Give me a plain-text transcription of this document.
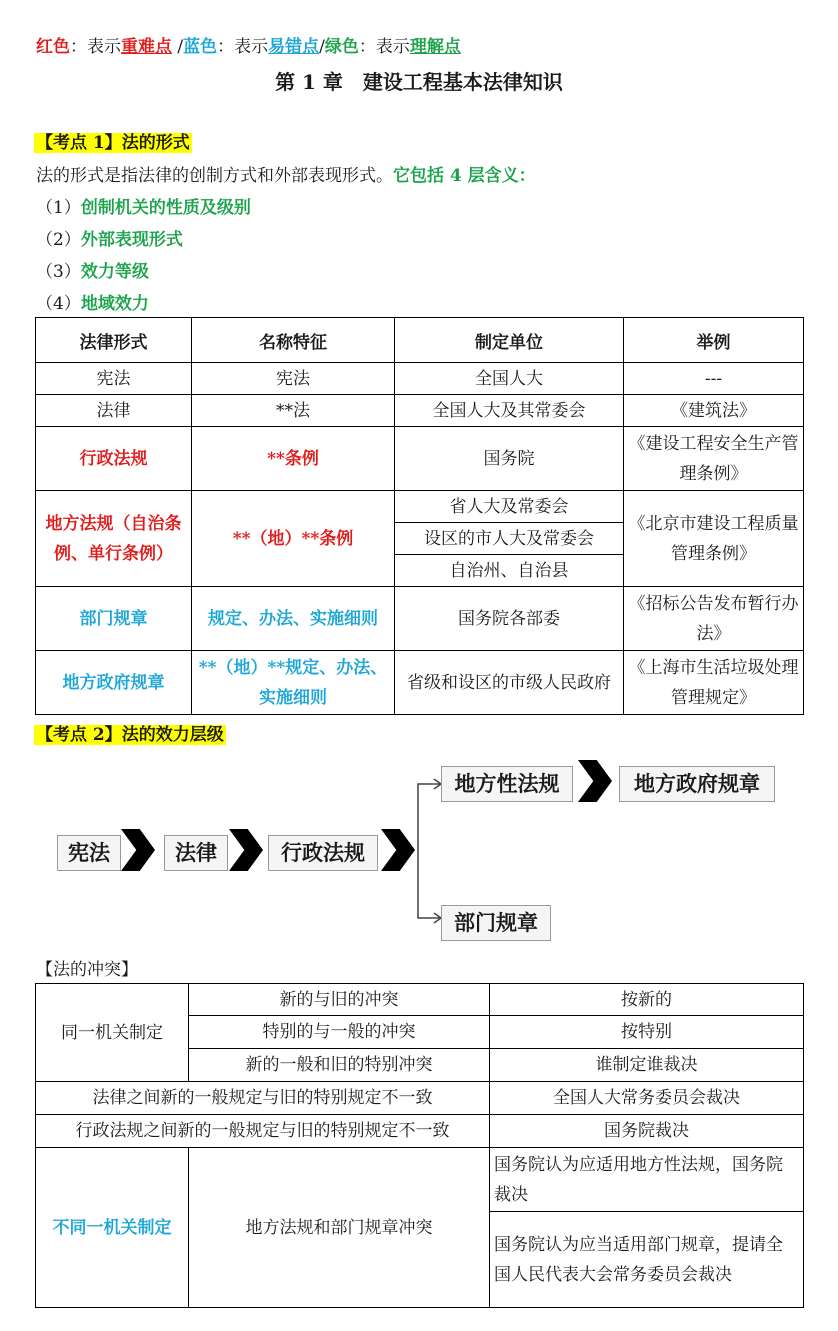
红色：表示重难点 /蓝色：表示易错点/绿色：表示理解点
第 1 章　建设工程基本法律知识
【考点 1】法的形式
法的形式是指法律的创制方式和外部表现形式。它包括 4 层含义：
（1）创制机关的性质及级别
（2）外部表现形式
（3）效力等级
（4）地域效力
法律形式	名称特征	制定单位	举例
宪法	宪法	全国人大	---
法律	**法	全国人大及其常委会	《建筑法》
行政法规	**条例	国务院	《建设工程安全生产管理条例》
地方法规（自治条例、单行条例）	**（地）**条例	省人大及常委会	《北京市建设工程质量管理条例》
		设区的市人大及常委会	
		自治州、自治县	
部门规章	规定、办法、实施细则	国务院各部委	《招标公告发布暂行办法》
地方政府规章	**（地）**规定、办法、实施细则	省级和设区的市级人民政府	《上海市生活垃圾处理管理规定》
【考点 2】法的效力层级
宪法	法律	行政法规
地方性法规	地方政府规章
部门规章
【法的冲突】
同一机关制定	新的与旧的冲突	按新的
	特别的与一般的冲突	按特别
	新的一般和旧的特别冲突	谁制定谁裁决
法律之间新的一般规定与旧的特别规定不一致		全国人大常务委员会裁决
行政法规之间新的一般规定与旧的特别规定不一致		国务院裁决
不同一机关制定	地方法规和部门规章冲突	国务院认为应适用地方性法规，国务院裁决
		国务院认为应当适用部门规章，提请全国人民代表大会常务委员会裁决
